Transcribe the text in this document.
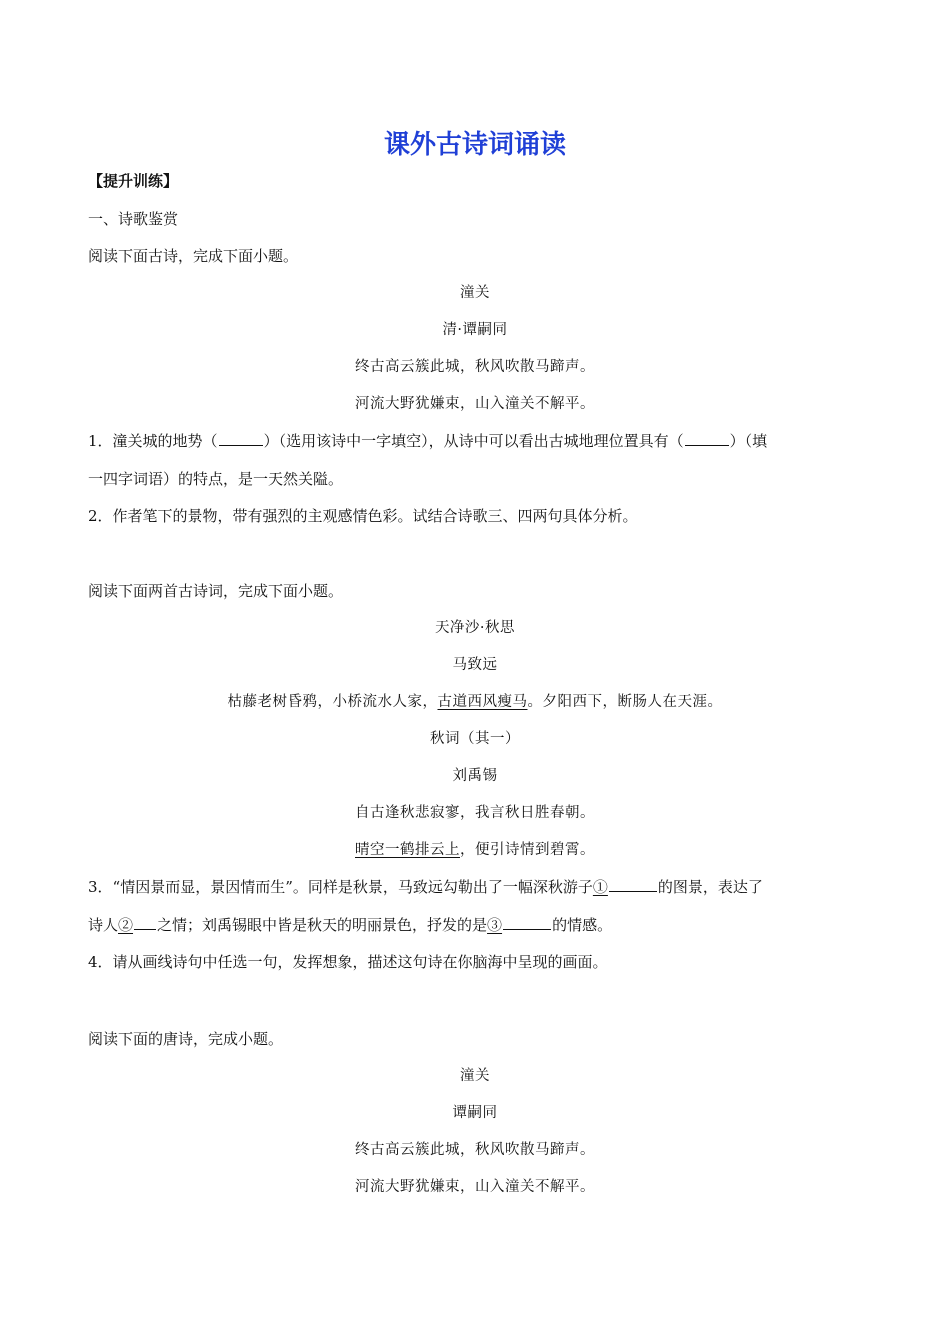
课外古诗词诵读
【提升训练】
一、诗歌鉴赏
阅读下面古诗，完成下面小题。
潼关
清·谭嗣同
终古高云簇此城，秋风吹散马蹄声。
河流大野犹嫌束，山入潼关不解平。
1．潼关城的地势（	）（选用该诗中一字填空），从诗中可以看出古城地理位置具有（	）（填
一四字词语）的特点，是一天然关隘。
2．作者笔下的景物，带有强烈的主观感情色彩。试结合诗歌三、四两句具体分析。
阅读下面两首古诗词，完成下面小题。
天净沙·秋思
马致远
枯藤老树昏鸦，小桥流水人家，古道西风瘦马。夕阳西下，断肠人在天涯。
秋词（其一）
刘禹锡
自古逢秋悲寂寥，我言秋日胜春朝。
晴空一鹤排云上，便引诗情到碧霄。
3．“情因景而显，景因情而生”。同样是秋景，马致远勾勒出了一幅深秋游子①	的图景，表达了
诗人② 之情；刘禹锡眼中皆是秋天的明丽景色，抒发的是③	的情感。
4．请从画线诗句中任选一句，发挥想象，描述这句诗在你脑海中呈现的画面。
阅读下面的唐诗，完成小题。
潼关
谭嗣同
终古高云簇此城，秋风吹散马蹄声。
河流大野犹嫌束，山入潼关不解平。
